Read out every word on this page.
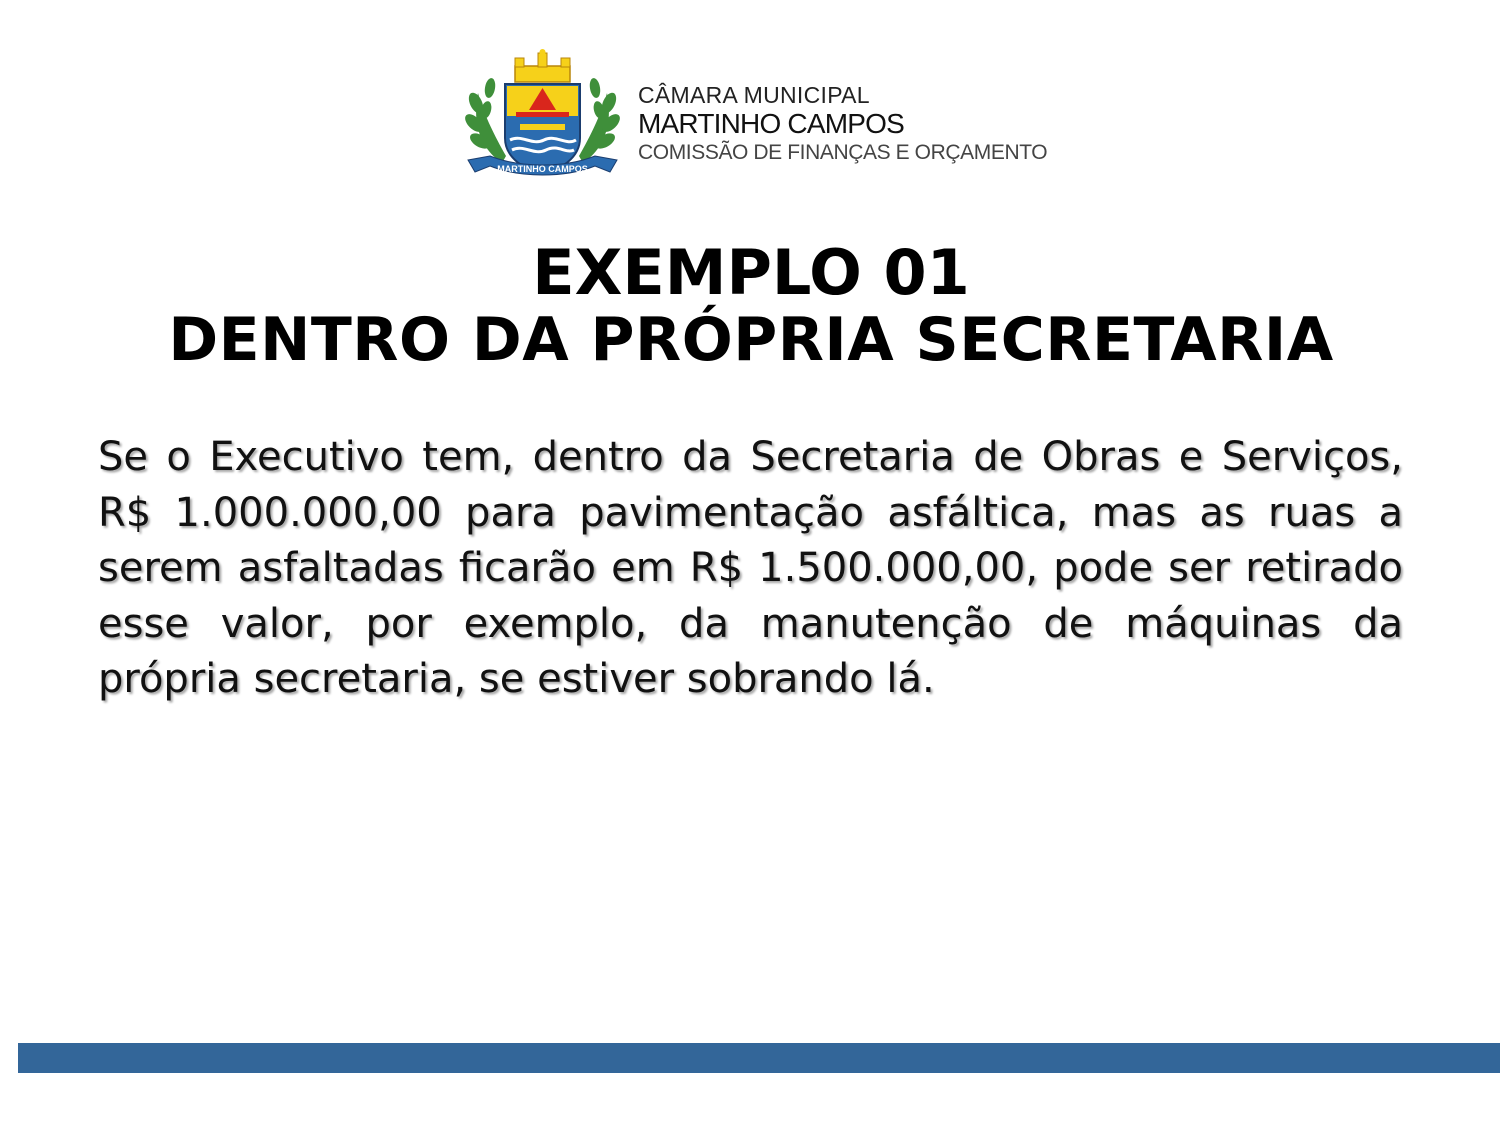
MARTINHO CAMPOS
CÂMARA MUNICIPAL
MARTINHO CAMPOS
COMISSÃO DE FINANÇAS E ORÇAMENTO
EXEMPLO 01
DENTRO DA PRÓPRIA SECRETARIA

Se o Executivo tem, dentro da Secretaria de Obras e Serviços, R$ 1.000.000,00 para pavimentação asfáltica, mas as ruas a serem asfaltadas ficarão em R$ 1.500.000,00, pode ser retirado esse valor, por exemplo, da manutenção de máquinas da própria secretaria, se estiver sobrando lá.
